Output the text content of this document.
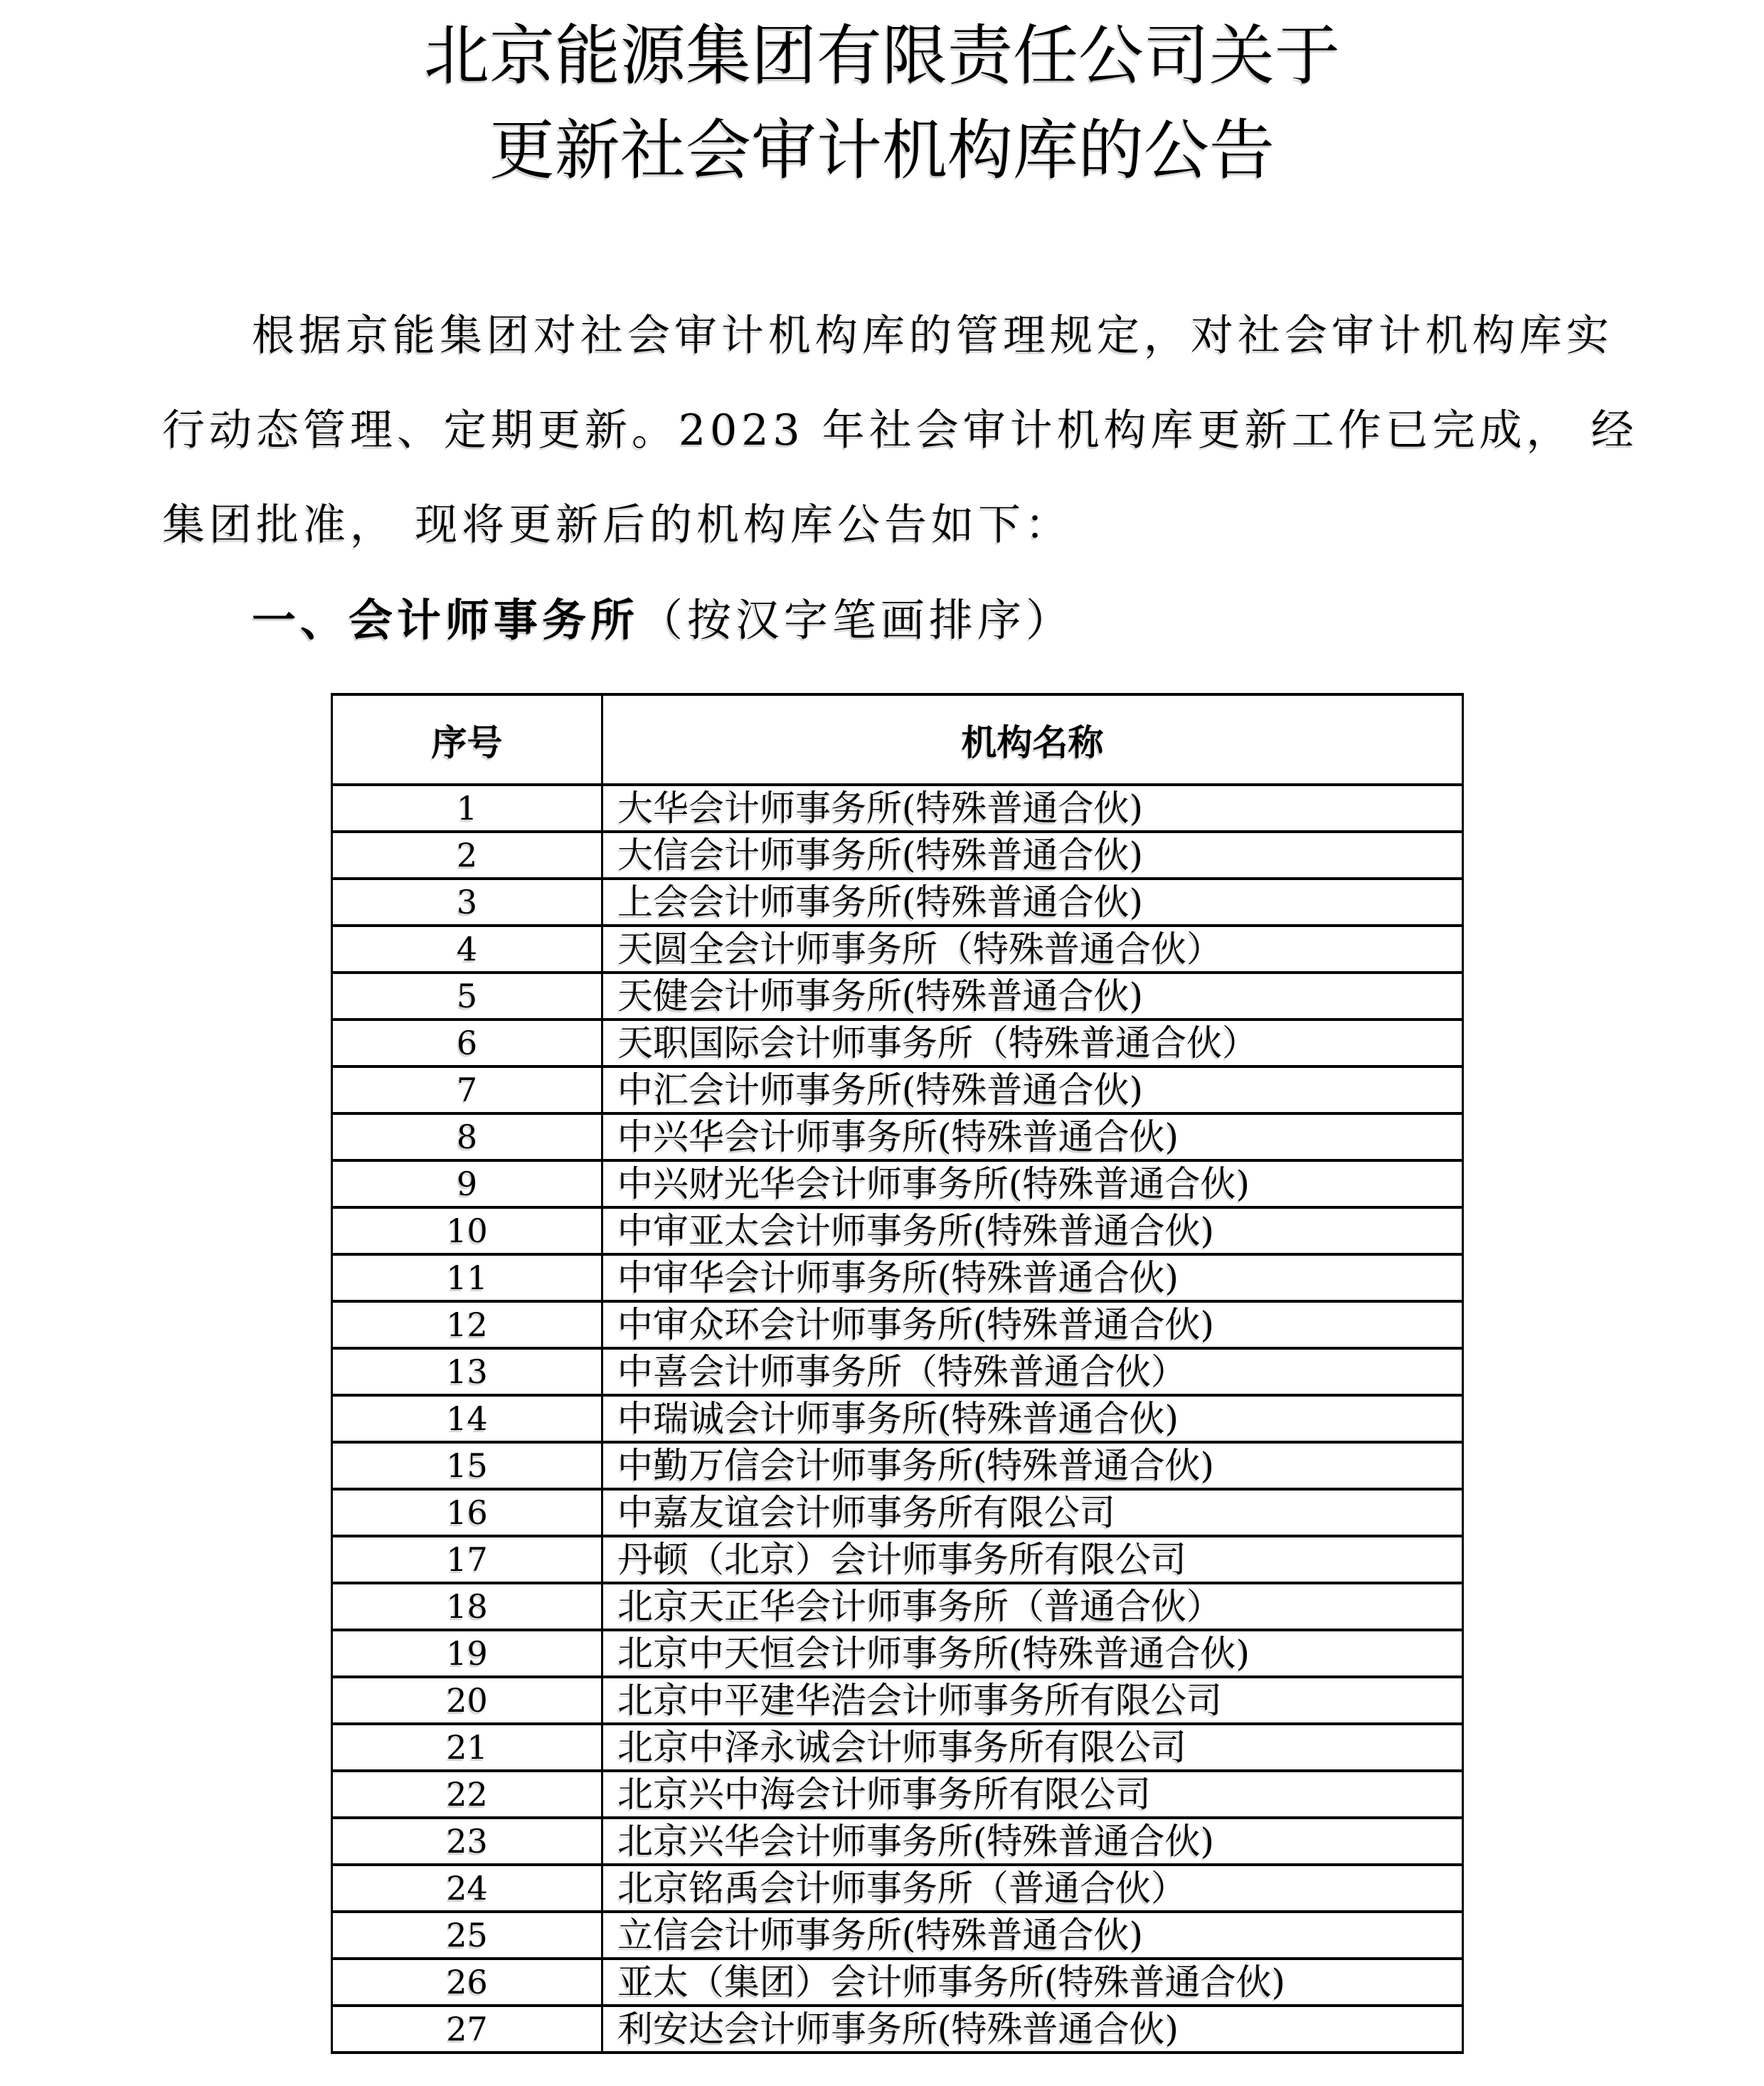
北京能源集团有限责任公司关于
更新社会审计机构库的公告
根据京能集团对社会审计机构库的管理规定，对社会审计机构库实
行动态管理、定期更新。2023 年社会审计机构库更新工作已完成， 经
集团批准， 现将更新后的机构库公告如下：
一、会计师事务所（按汉字笔画排序）
序号	机构名称
1	大华会计师事务所(特殊普通合伙)
2	大信会计师事务所(特殊普通合伙)
3	上会会计师事务所(特殊普通合伙)
4	天圆全会计师事务所（特殊普通合伙）
5	天健会计师事务所(特殊普通合伙)
6	天职国际会计师事务所（特殊普通合伙）
7	中汇会计师事务所(特殊普通合伙)
8	中兴华会计师事务所(特殊普通合伙)
9	中兴财光华会计师事务所(特殊普通合伙)
10	中审亚太会计师事务所(特殊普通合伙)
11	中审华会计师事务所(特殊普通合伙)
12	中审众环会计师事务所(特殊普通合伙)
13	中喜会计师事务所（特殊普通合伙）
14	中瑞诚会计师事务所(特殊普通合伙)
15	中勤万信会计师事务所(特殊普通合伙)
16	中嘉友谊会计师事务所有限公司
17	丹顿（北京）会计师事务所有限公司
18	北京天正华会计师事务所（普通合伙）
19	北京中天恒会计师事务所(特殊普通合伙)
20	北京中平建华浩会计师事务所有限公司
21	北京中泽永诚会计师事务所有限公司
22	北京兴中海会计师事务所有限公司
23	北京兴华会计师事务所(特殊普通合伙)
24	北京铭禹会计师事务所（普通合伙）
25	立信会计师事务所(特殊普通合伙)
26	亚太（集团）会计师事务所(特殊普通合伙)
27	利安达会计师事务所(特殊普通合伙)
